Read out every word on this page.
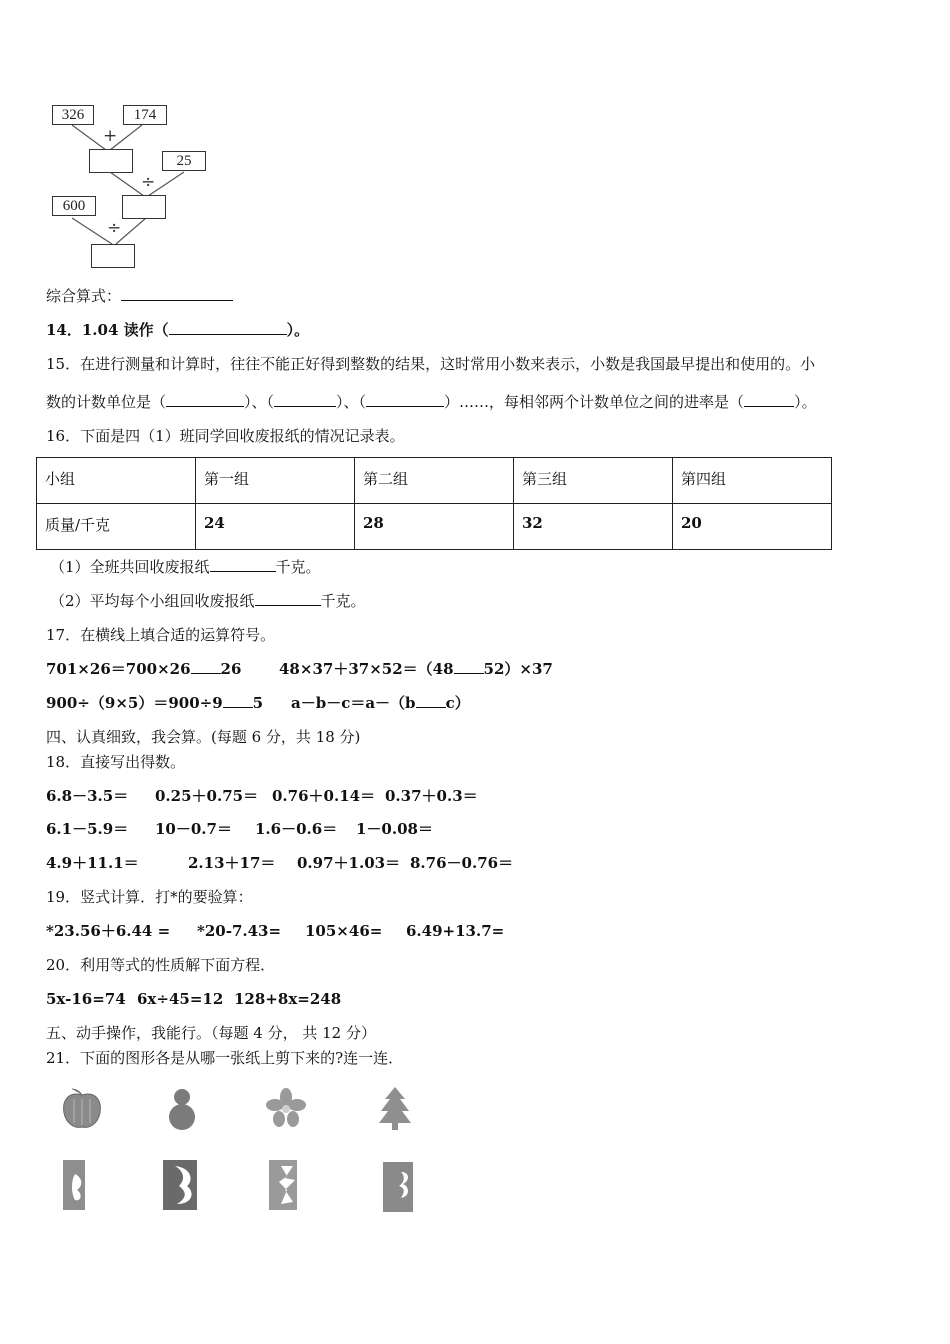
326	174
+
25
÷
600
÷
综合算式：
14．1.04 读作（	）。
15．在进行测量和计算时，往往不能正好得到整数的结果，这时常用小数来表示，小数是我国最早提出和使用的。小
数的计数单位是（	）、（	）、（	）……，每相邻两个计数单位之间的进率是（	）。
16．下面是四（1）班同学回收废报纸的情况记录表。
小组	第一组	第二组	第三组	第四组

质量/千克	24	28	32	20
（1）全班共回收废报纸	千克。
（2）平均每个小组回收废报纸	千克。
17．在横线上填合适的运算符号。
701×26＝700×26 26	48×37＋37×52＝（48 52）×37
900÷（9×5）＝900÷9 5 a－b－c＝a－（b c）
四、认真细致，我会算。(每题 6 分，共 18 分)
18．直接写出得数。
6.8－3.5＝ 0.25＋0.75＝ 0.76＋0.14＝ 0.37＋0.3＝
6.1－5.9＝ 10－0.7＝ 1.6－0.6＝ 1－0.08＝
4.9＋11.1＝	2.13＋17＝ 0.97＋1.03＝ 8.76－0.76＝
19．竖式计算．打*的要验算：
*23.56＋6.44 = *20-7.43= 105×46= 6.49+13.7=
20．利用等式的性质解下面方程．
5x-16=74 6x÷45=12 128+8x=248
五、动手操作，我能行。（每题 4 分， 共 12 分）
21．下面的图形各是从哪一张纸上剪下来的?连一连．
